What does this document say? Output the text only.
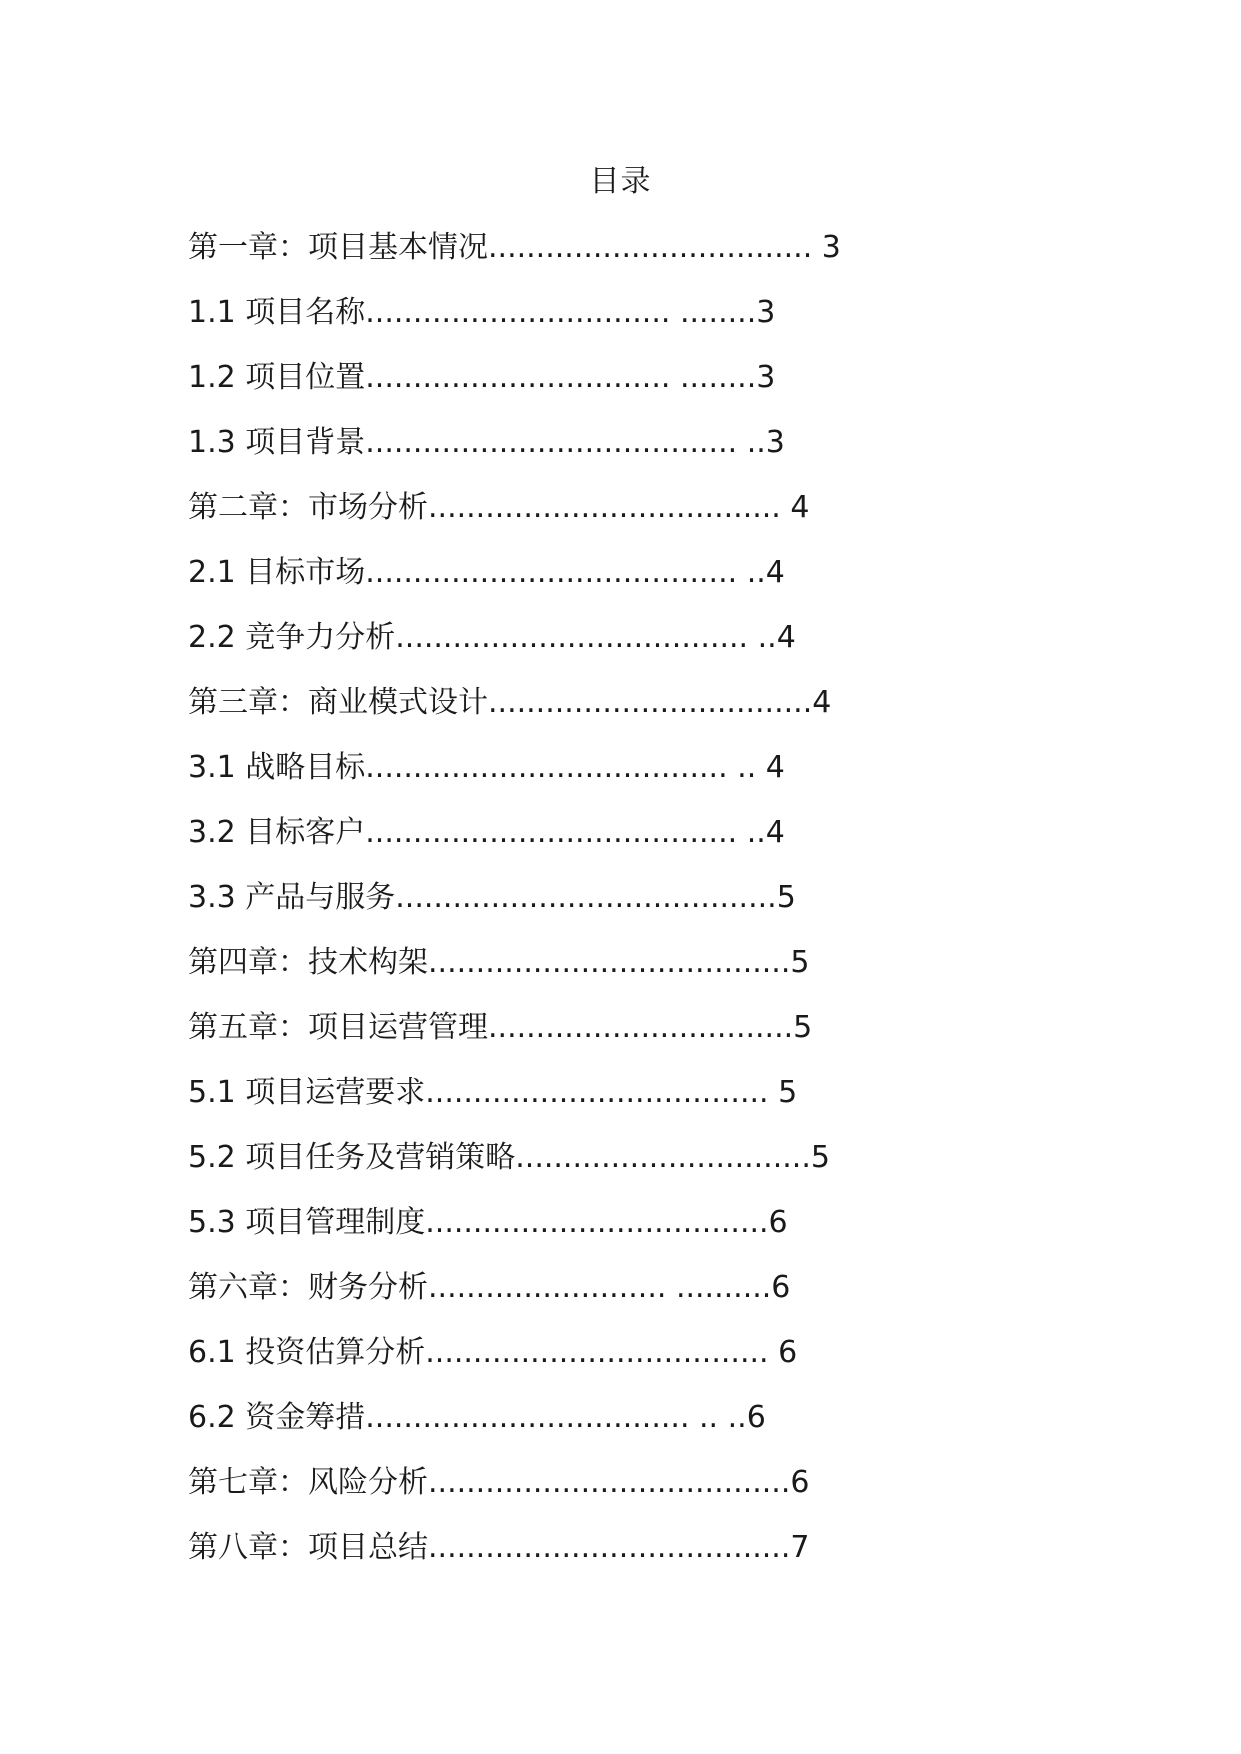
目录
第一章：项目基本情况.................................. 3
1.1 项目名称................................ ........3
1.2 项目位置................................ ........3
1.3 项目背景....................................... ..3
第二章：市场分析..................................... 4
2.1 目标市场....................................... ..4
2.2 竞争力分析..................................... ..4
第三章：商业模式设计..................................4
3.1 战略目标...................................... .. 4
3.2 目标客户....................................... ..4
3.3 产品与服务........................................5
第四章：技术构架......................................5
第五章：项目运营管理................................5
5.1 项目运营要求.................................... 5
5.2 项目任务及营销策略...............................5
5.3 项目管理制度....................................6
第六章：财务分析......................... ..........6
6.1 投资估算分析.................................... 6
6.2 资金筹措.................................. .. ..6
第七章：风险分析......................................6
第八章：项目总结......................................7
